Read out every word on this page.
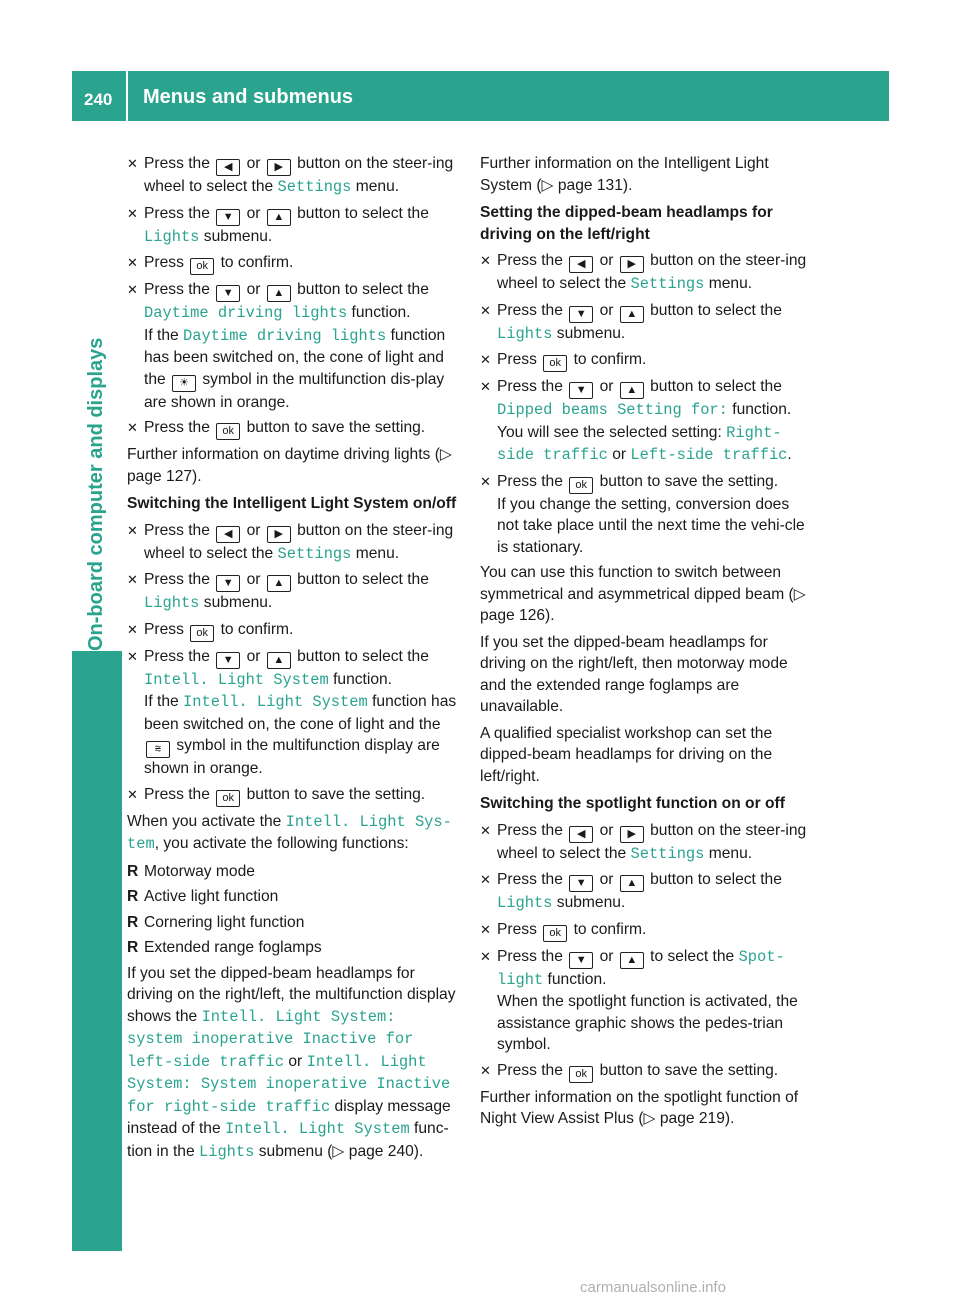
240 Menus and submenus
On-board computer and displays
✕ Press the ◀ or ▶ button on the steer-ing wheel to select the Settings menu.
✕ Press the ▼ or ▲ button to select the Lights submenu.
✕ Press ok to confirm.
✕ Press the ▼ or ▲ button to select the Daytime driving lights function.
If the Daytime driving lights function has been switched on, the cone of light and the ☀ symbol in the multifunction dis-play are shown in orange.
✕ Press the ok button to save the setting.

Further information on daytime driving lights (▷ page 127).

Switching the Intelligent Light System on/off
✕ Press the ◀ or ▶ button on the steer-ing wheel to select the Settings menu.
✕ Press the ▼ or ▲ button to select the Lights submenu.
✕ Press ok to confirm.
✕ Press the ▼ or ▲ button to select the Intell. Light System function.
If the Intell. Light System function has been switched on, the cone of light and the ⩬ symbol in the multifunction display are shown in orange.
✕ Press the ok button to save the setting.

When you activate the Intell. Light Sys‐tem, you activate the following functions:

R Motorway mode
R Active light function
R Cornering light function
R Extended range foglamps

If you set the dipped-beam headlamps for driving on the right/left, the multifunction display shows the Intell. Light System: system inoperative Inactive for left-side traffic or Intell. Light System: System inoperative Inactive for right-side traffic display message instead of the Intell. Light System func-tion in the Lights submenu (▷ page 240).

Further information on the Intelligent Light System (▷ page 131).

Setting the dipped-beam headlamps for driving on the left/right
✕ Press the ◀ or ▶ button on the steer-ing wheel to select the Settings menu.
✕ Press the ▼ or ▲ button to select the Lights submenu.
✕ Press ok to confirm.
✕ Press the ▼ or ▲ button to select the Dipped beams Setting for: function.
You will see the selected setting: Right-side traffic or Left-side traffic.
✕ Press the ok button to save the setting.
If you change the setting, conversion does not take place until the next time the vehi-cle is stationary.

You can use this function to switch between symmetrical and asymmetrical dipped beam (▷ page 126).

If you set the dipped-beam headlamps for driving on the right/left, then motorway mode and the extended range foglamps are unavailable.

A qualified specialist workshop can set the dipped-beam headlamps for driving on the left/right.

Switching the spotlight function on or off
✕ Press the ◀ or ▶ button on the steer-ing wheel to select the Settings menu.
✕ Press the ▼ or ▲ button to select the Lights submenu.
✕ Press ok to confirm.
✕ Press the ▼ or ▲ to select the Spot‐light function.
When the spotlight function is activated, the assistance graphic shows the pedes-trian symbol.
✕ Press the ok button to save the setting.

Further information on the spotlight function of Night View Assist Plus (▷ page 219).

carmanualsonline.info
